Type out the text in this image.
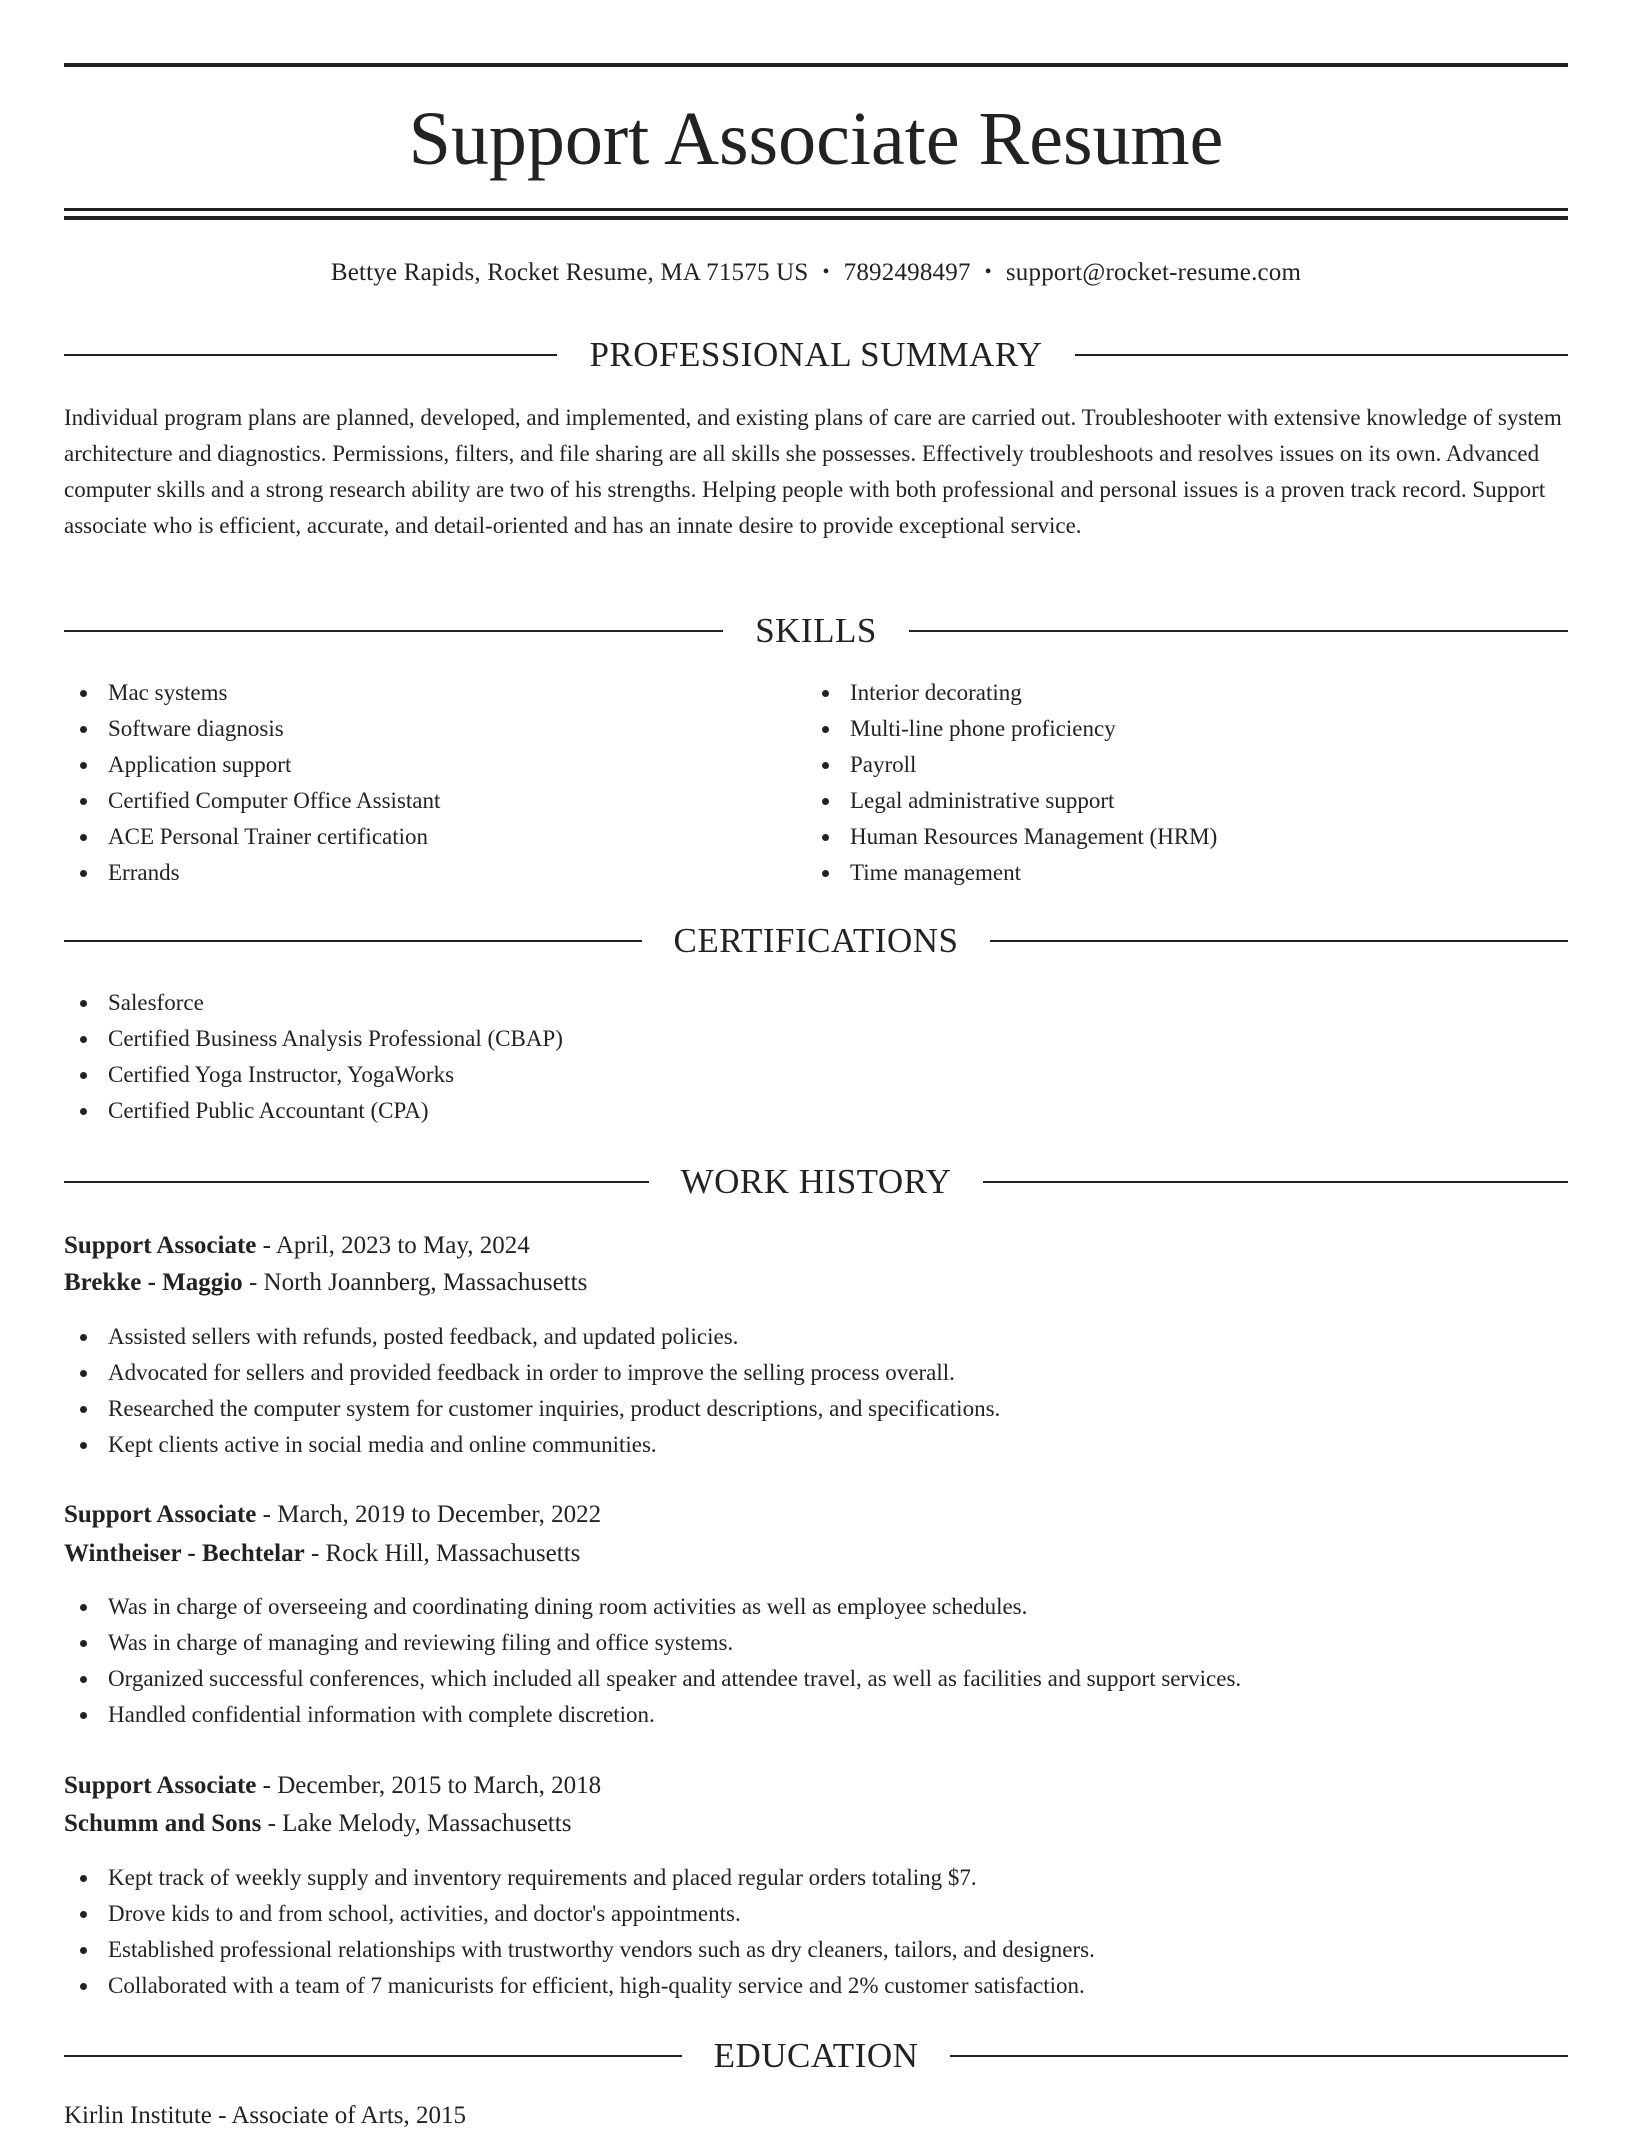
Support Associate Resume
Bettye Rapids, Rocket Resume, MA 71575 US • 7892498497 • support@rocket-resume.com
PROFESSIONAL SUMMARY

Individual program plans are planned, developed, and implemented, and existing plans of care are carried out. Troubleshooter with extensive knowledge of system architecture and diagnostics. Permissions, filters, and file sharing are all skills she possesses. Effectively troubleshoots and resolves issues on its own. Advanced computer skills and a strong research ability are two of his strengths. Helping people with both professional and personal issues is a proven track record. Support associate who is efficient, accurate, and detail-oriented and has an innate desire to provide exceptional service.

SKILLS
Mac systems
Software diagnosis
Application support
Certified Computer Office Assistant
ACE Personal Trainer certification
Errands
Interior decorating
Multi-line phone proficiency
Payroll
Legal administrative support
Human Resources Management (HRM)
Time management
CERTIFICATIONS
Salesforce
Certified Business Analysis Professional (CBAP)
Certified Yoga Instructor, YogaWorks
Certified Public Accountant (CPA)
WORK HISTORY
Support Associate - April, 2023 to May, 2024
Brekke - Maggio - North Joannberg, Massachusetts
Assisted sellers with refunds, posted feedback, and updated policies.
Advocated for sellers and provided feedback in order to improve the selling process overall.
Researched the computer system for customer inquiries, product descriptions, and specifications.
Kept clients active in social media and online communities.
Support Associate - March, 2019 to December, 2022
Wintheiser - Bechtelar - Rock Hill, Massachusetts
Was in charge of overseeing and coordinating dining room activities as well as employee schedules.
Was in charge of managing and reviewing filing and office systems.
Organized successful conferences, which included all speaker and attendee travel, as well as facilities and support services.
Handled confidential information with complete discretion.
Support Associate - December, 2015 to March, 2018
Schumm and Sons - Lake Melody, Massachusetts
Kept track of weekly supply and inventory requirements and placed regular orders totaling $7.
Drove kids to and from school, activities, and doctor's appointments.
Established professional relationships with trustworthy vendors such as dry cleaners, tailors, and designers.
Collaborated with a team of 7 manicurists for efficient, high-quality service and 2% customer satisfaction.
EDUCATION
Kirlin Institute - Associate of Arts, 2015
